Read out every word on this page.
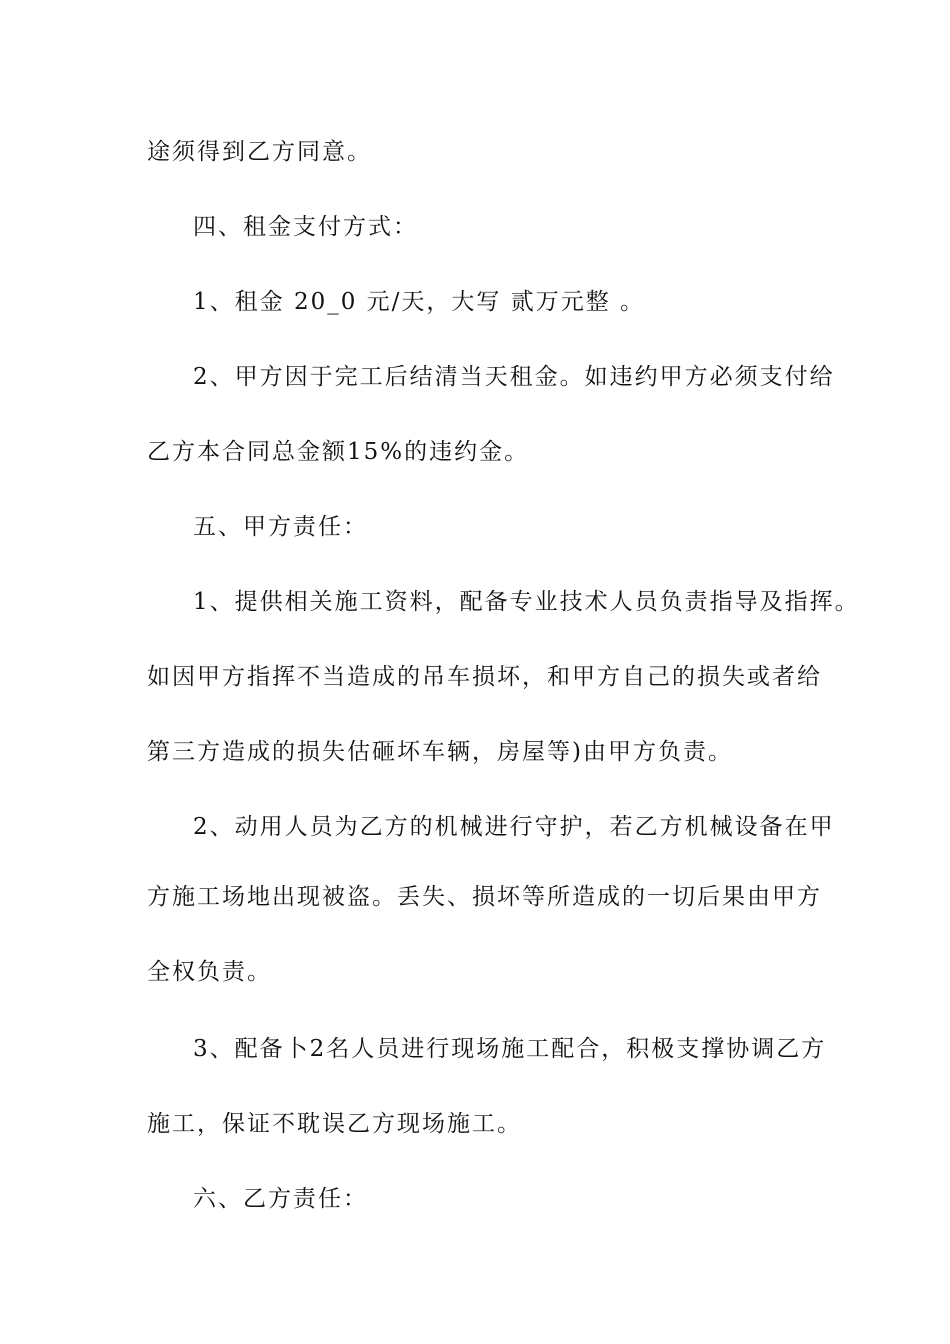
途须得到乙方同意。

四、租金支付方式：

1、租金 20_0 元/天，大写 贰万元整 。

2、甲方因于完工后结清当天租金。如违约甲方必须支付给

乙方本合同总金额15%的违约金。

五、甲方责任：

1、提供相关施工资料，配备专业技术人员负责指导及指挥。

如因甲方指挥不当造成的吊车损坏，和甲方自己的损失或者给

第三方造成的损失估砸坏车辆，房屋等)由甲方负责。

2、动用人员为乙方的机械进行守护，若乙方机械设备在甲

方施工场地出现被盗。丢失、损坏等所造成的一切后果由甲方

全权负责。

3、配备卜2名人员进行现场施工配合，积极支撑协调乙方

施工，保证不耽误乙方现场施工。

六、乙方责任：
